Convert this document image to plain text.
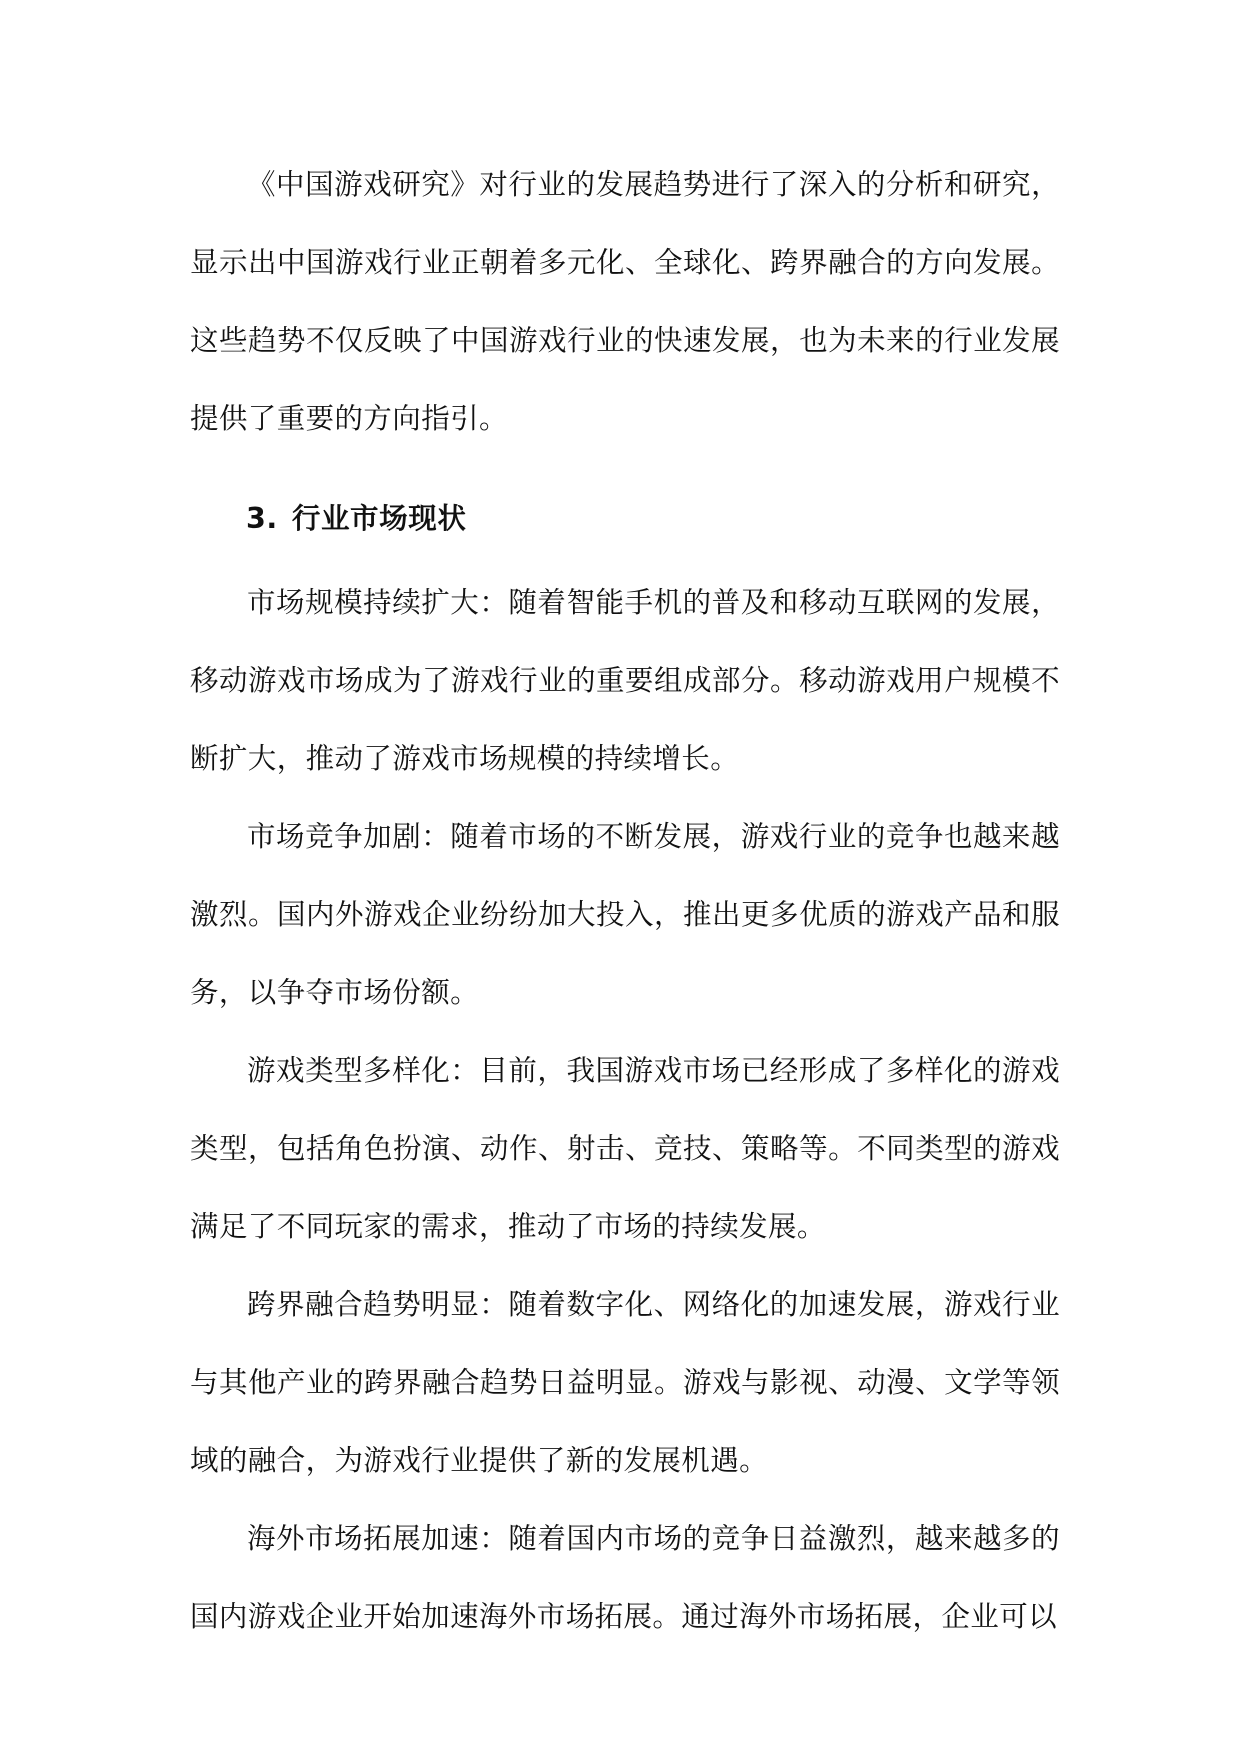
《中国游戏研究》对行业的发展趋势进行了深入的分析和研究，显示出中国游戏行业正朝着多元化、全球化、跨界融合的方向发展。这些趋势不仅反映了中国游戏行业的快速发展，也为未来的行业发展提供了重要的方向指引。

3. 行业市场现状

市场规模持续扩大：随着智能手机的普及和移动互联网的发展，移动游戏市场成为了游戏行业的重要组成部分。移动游戏用户规模不断扩大，推动了游戏市场规模的持续增长。

市场竞争加剧：随着市场的不断发展，游戏行业的竞争也越来越激烈。国内外游戏企业纷纷加大投入，推出更多优质的游戏产品和服务，以争夺市场份额。

游戏类型多样化：目前，我国游戏市场已经形成了多样化的游戏类型，包括角色扮演、动作、射击、竞技、策略等。不同类型的游戏满足了不同玩家的需求，推动了市场的持续发展。

跨界融合趋势明显：随着数字化、网络化的加速发展，游戏行业与其他产业的跨界融合趋势日益明显。游戏与影视、动漫、文学等领域的融合，为游戏行业提供了新的发展机遇。

海外市场拓展加速：随着国内市场的竞争日益激烈，越来越多的国内游戏企业开始加速海外市场拓展。通过海外市场拓展，企业可以
